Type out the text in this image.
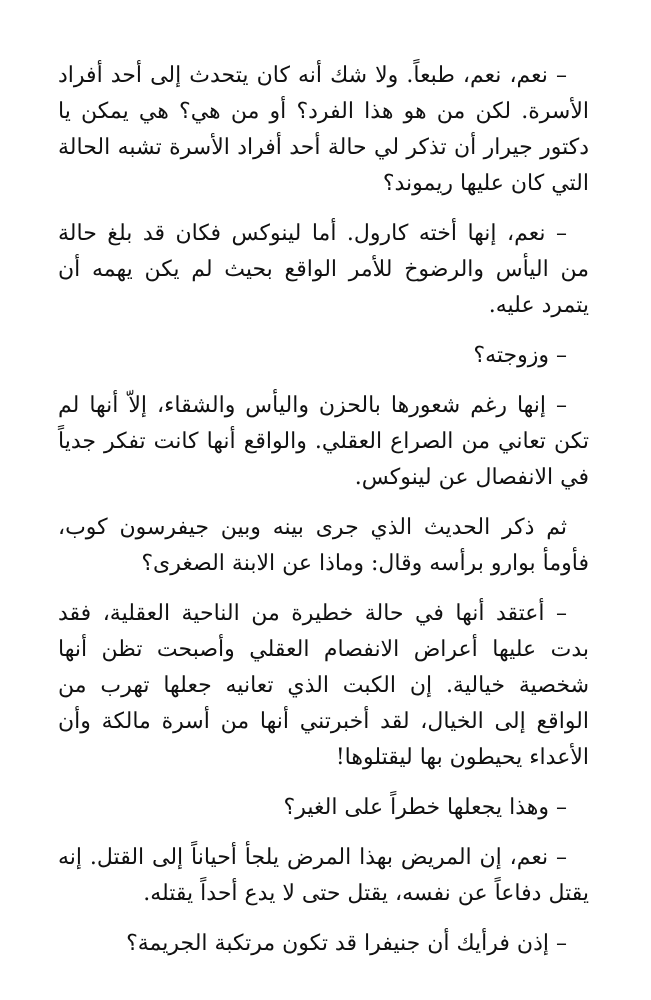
– نعم، نعم، طبعاً. ولا شك أنه كان يتحدث إلى أحد أفراد الأسرة. لكن من هو هذا الفرد؟ أو من هي؟ هي يمكن يا دكتور جيرار أن تذكر لي حالة أحد أفراد الأسرة تشبه الحالة التي كان عليها ريموند؟

– نعم، إنها أخته كارول. أما لينوكس فكان قد بلغ حالة من اليأس والرضوخ للأمر الواقع بحيث لم يكن يهمه أن يتمرد عليه.

– وزوجته؟

– إنها رغم شعورها بالحزن واليأس والشقاء، إلاّ أنها لم تكن تعاني من الصراع العقلي. والواقع أنها كانت تفكر جدياً في الانفصال عن لينوكس.

ثم ذكر الحديث الذي جرى بينه وبين جيفرسون كوب، فأومأ بوارو برأسه وقال: وماذا عن الابنة الصغرى؟

– أعتقد أنها في حالة خطيرة من الناحية العقلية، فقد بدت عليها أعراض الانفصام العقلي وأصبحت تظن أنها شخصية خيالية. إن الكبت الذي تعانيه جعلها تهرب من الواقع إلى الخيال، لقد أخبرتني أنها من أسرة مالكة وأن الأعداء يحيطون بها ليقتلوها!

– وهذا يجعلها خطراً على الغير؟

– نعم، إن المريض بهذا المرض يلجأ أحياناً إلى القتل. إنه يقتل دفاعاً عن نفسه، يقتل حتى لا يدع أحداً يقتله.

– إذن فرأيك أن جنيفرا قد تكون مرتكبة الجريمة؟
